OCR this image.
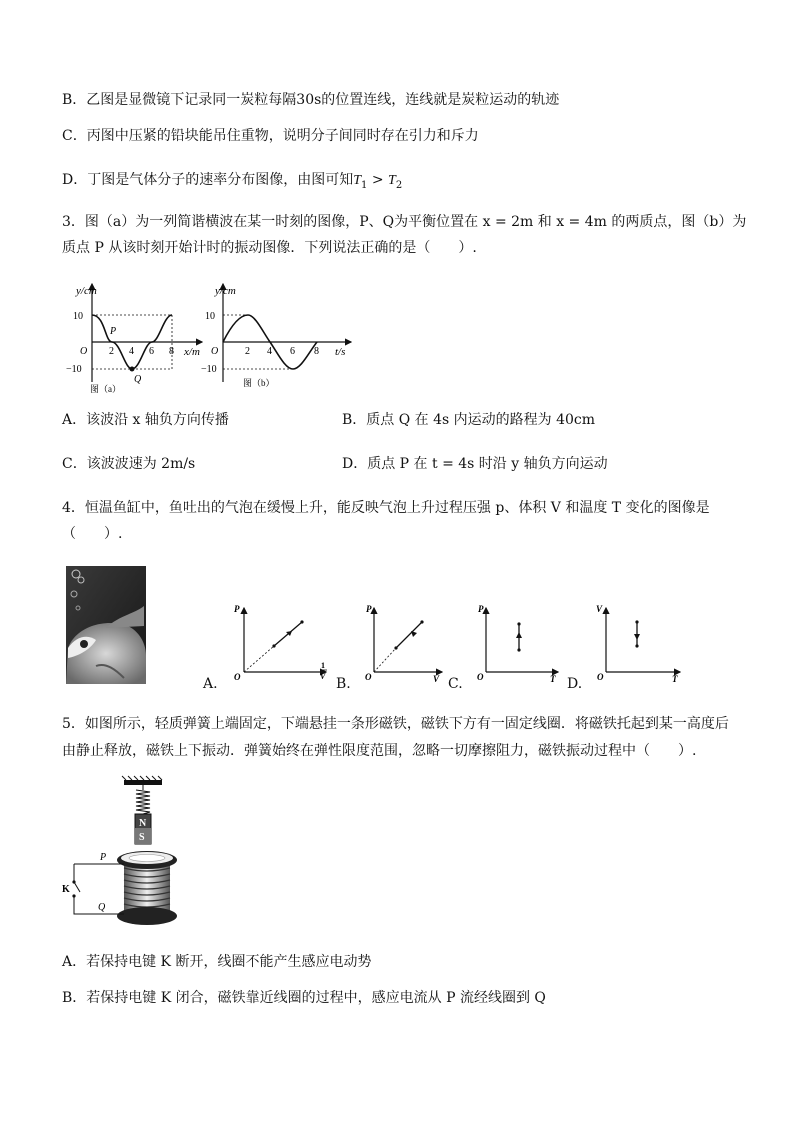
B．乙图是显微镜下记录同一炭粒每隔30s的位置连线，连线就是炭粒运动的轨迹
C．丙图中压紧的铅块能吊住重物，说明分子间同时存在引力和斥力
D．丁图是气体分子的速率分布图像，由图可知$T_1 > T_2$
3．图（a）为一列简谐横波在某一时刻的图像，P、Q为平衡位置在 x = 2m 和 x = 4m 的两质点，图（b）为
质点 P 从该时刻开始计时的振动图像．下列说法正确的是（　　）.
y/cm
x/m
10
−10
O 2 4 6 8
P
Q
图（a）
y/cm
t/s
10
−10
O	2 4 6 8
图（b）
A．该波沿 x 轴负方向传播	B．质点 Q 在 4s 内运动的路程为 40cm
C．该波波速为 2m/s	D．质点 P 在 t = 4s 时沿 y 轴负方向运动
4．恒温鱼缸中，鱼吐出的气泡在缓慢上升，能反映气泡上升过程压强 p、体积 V 和温度 T 变化的图像是
（　　）.
A.
P
O
1
V B.
P
O	V C.
P
O	T D.
V
O	T
5．如图所示，轻质弹簧上端固定，下端悬挂一条形磁铁，磁铁下方有一固定线圈．将磁铁托起到某一高度后
由静止释放，磁铁上下振动．弹簧始终在弹性限度范围，忽略一切摩擦阻力，磁铁振动过程中（　　）.
N
S
P
Q
K
A．若保持电键 K 断开，线圈不能产生感应电动势
B．若保持电键 K 闭合，磁铁靠近线圈的过程中，感应电流从 P 流经线圈到 Q
